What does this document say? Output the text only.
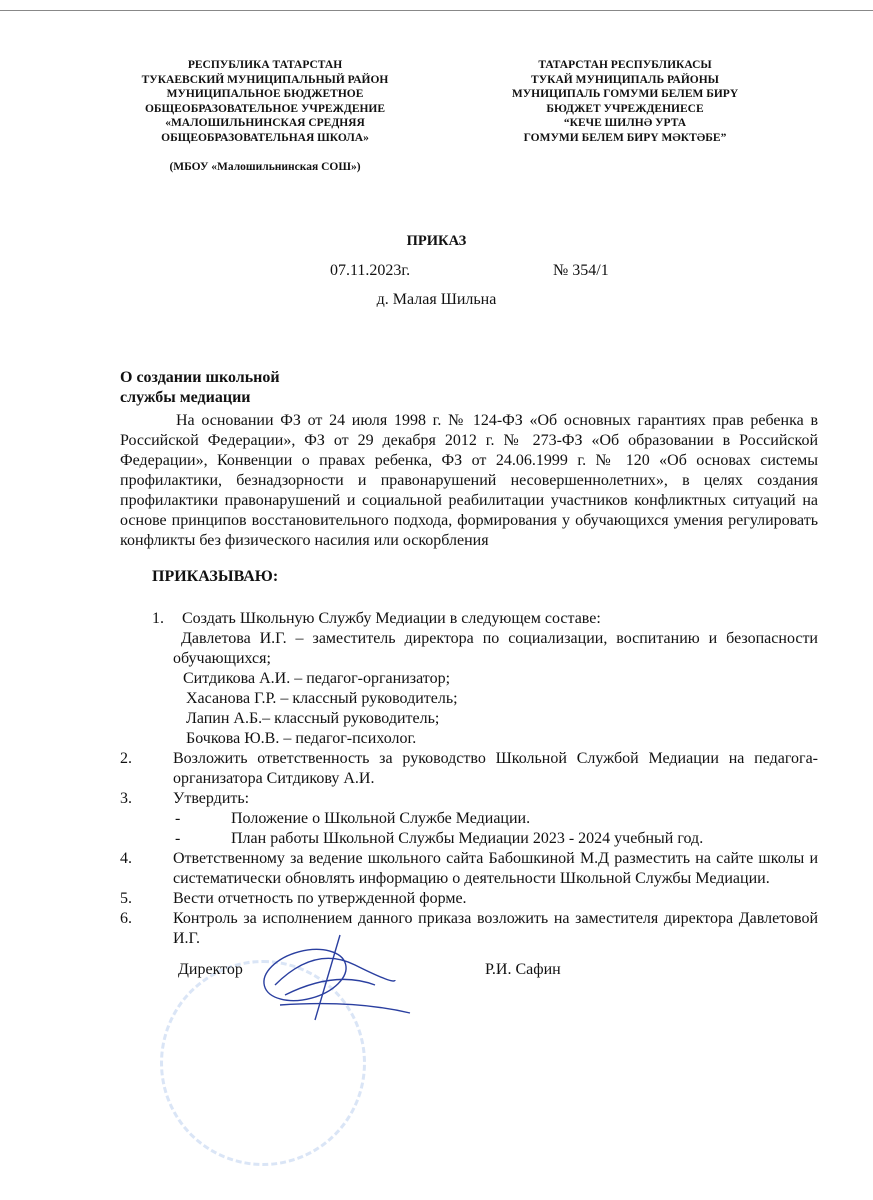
РЕСПУБЛИКА ТАТАРСТАН
ТУКАЕВСКИЙ МУНИЦИПАЛЬНЫЙ РАЙОН
МУНИЦИПАЛЬНОЕ БЮДЖЕТНОЕ
ОБЩЕОБРАЗОВАТЕЛЬНОЕ УЧРЕЖДЕНИЕ
«МАЛОШИЛЬНИНСКАЯ СРЕДНЯЯ
ОБЩЕОБРАЗОВАТЕЛЬНАЯ ШКОЛА»
(МБОУ «Малошильнинская СОШ»)
ТАТАРСТАН РЕСПУБЛИКАСЫ
ТУКАЙ МУНИЦИПАЛЬ РАЙОНЫ
МУНИЦИПАЛЬ ГОМУМИ БЕЛЕМ БИРҮ
БЮДЖЕТ УЧРЕЖДЕНИЕСЕ
“КЕЧЕ ШИЛНӘ УРТА
ГОМУМИ БЕЛЕМ БИРҮ МӘКТӘБЕ”
ПРИКАЗ
07.11.2023г.	№ 354/1
д. Малая Шильна
О создании школьной
службы медиации
На основании ФЗ от 24 июля 1998 г. № 124-ФЗ «Об основных гарантиях прав ребенка в Российской Федерации», ФЗ от 29 декабря 2012 г. № 273-ФЗ «Об образовании в Российской Федерации», Конвенции о правах ребенка, ФЗ от 24.06.1999 г. № 120 «Об основах системы профилактики, безнадзорности и правонарушений несовершеннолетних», в целях создания профилактики правонарушений и социальной реабилитации участников конфликтных ситуаций на основе принципов восстановительного подхода, формирования у обучающихся умения регулировать конфликты без физического насилия или оскорбления
ПРИКАЗЫВАЮ:
1.	Создать Школьную Службу Медиации в следующем составе:
Давлетова И.Г. – заместитель директора по социализации, воспитанию и безопасности обучающихся;
Ситдикова А.И. – педагог-организатор;
Хасанова Г.Р. – классный руководитель;
Лапин А.Б.– классный руководитель;
Бочкова Ю.В. – педагог-психолог.
2.	Возложить ответственность за руководство Школьной Службой Медиации на педагога-организатора Ситдикову А.И.
3.	Утвердить:
-	Положение о Школьной Службе Медиации.
-	План работы Школьной Службы Медиации 2023 - 2024 учебный год.
4.	Ответственному за ведение школьного сайта Бабошкиной М.Д разместить на сайте школы и систематически обновлять информацию о деятельности Школьной Службы Медиации.
5.	Вести отчетность по утвержденной форме.
6.	Контроль за исполнением данного приказа возложить на заместителя директора Давлетовой И.Г.
Директор	Р.И. Сафин
